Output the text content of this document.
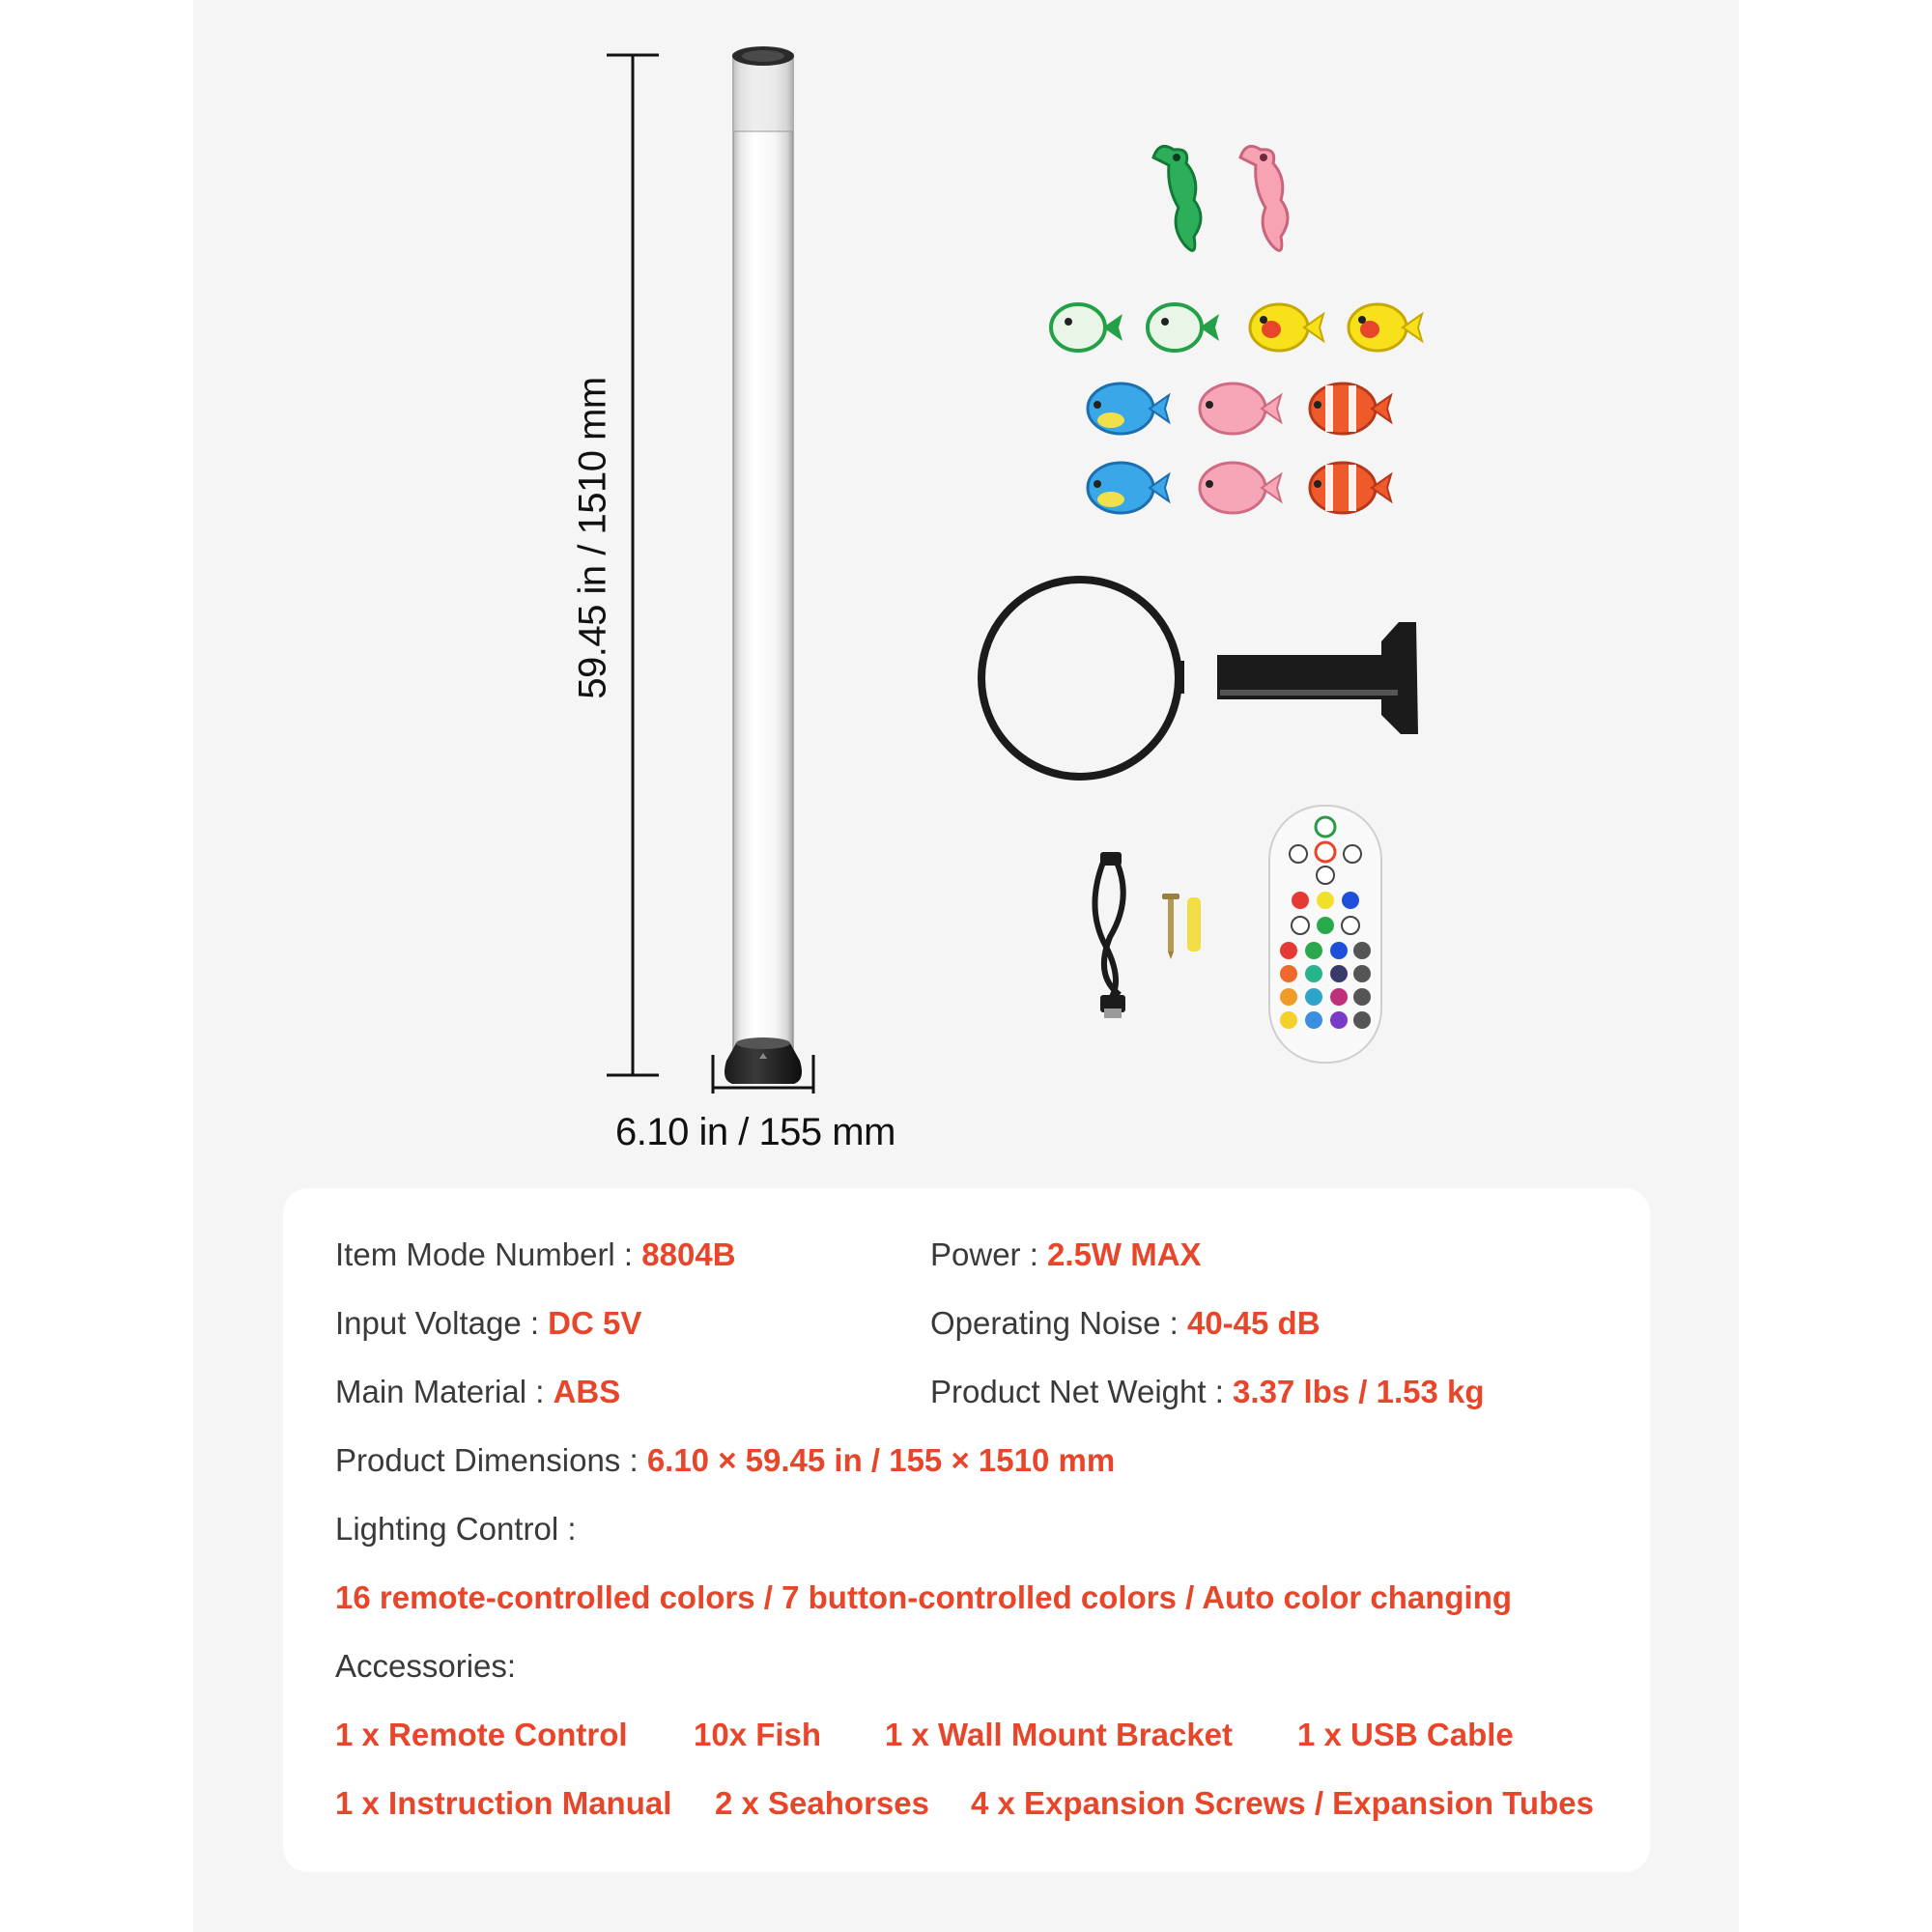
59.45 in / 1510 mm
6.10 in / 155 mm
Item Mode Numberl : 8804B	Power : 2.5W MAX
Input Voltage : DC 5V	Operating Noise : 40-45 dB
Main Material : ABS	Product Net Weight : 3.37 lbs / 1.53 kg
Product Dimensions : 6.10 × 59.45 in / 155 × 1510 mm
Lighting Control :
16 remote-controlled colors / 7 button-controlled colors / Auto color changing
Accessories:
1 x Remote Control 10x Fish 1 x Wall Mount Bracket 1 x USB Cable
1 x Instruction Manual 2 x Seahorses 4 x Expansion Screws / Expansion Tubes
